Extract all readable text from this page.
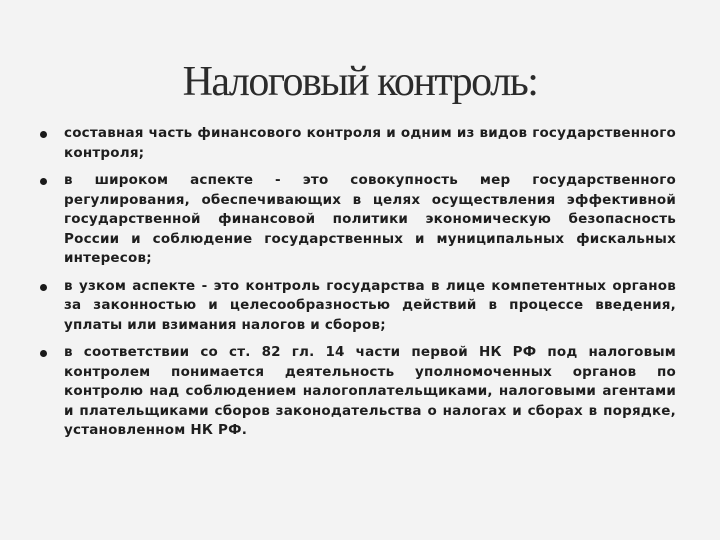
Налоговый контроль:
составная часть финансового контроля и одним из видов государственного контроля;
в широком аспекте - это совокупность мер государственного регулирования, обеспечивающих в целях осуществления эффективной государственной финансовой политики экономическую безопасность России и соблюдение государственных и муниципальных фискальных интересов;
в узком аспекте - это контроль государства в лице компетентных органов за законностью и целесообразностью действий в процессе введения, уплаты или взимания налогов и сборов;
в соответствии со ст. 82 гл. 14 части первой НК РФ под налоговым контролем понимается деятельность уполномоченных органов по контролю над соблюдением налогоплательщиками, налоговыми агентами и плательщиками сборов законодательства о налогах и сборах в порядке, установленном НК РФ.
